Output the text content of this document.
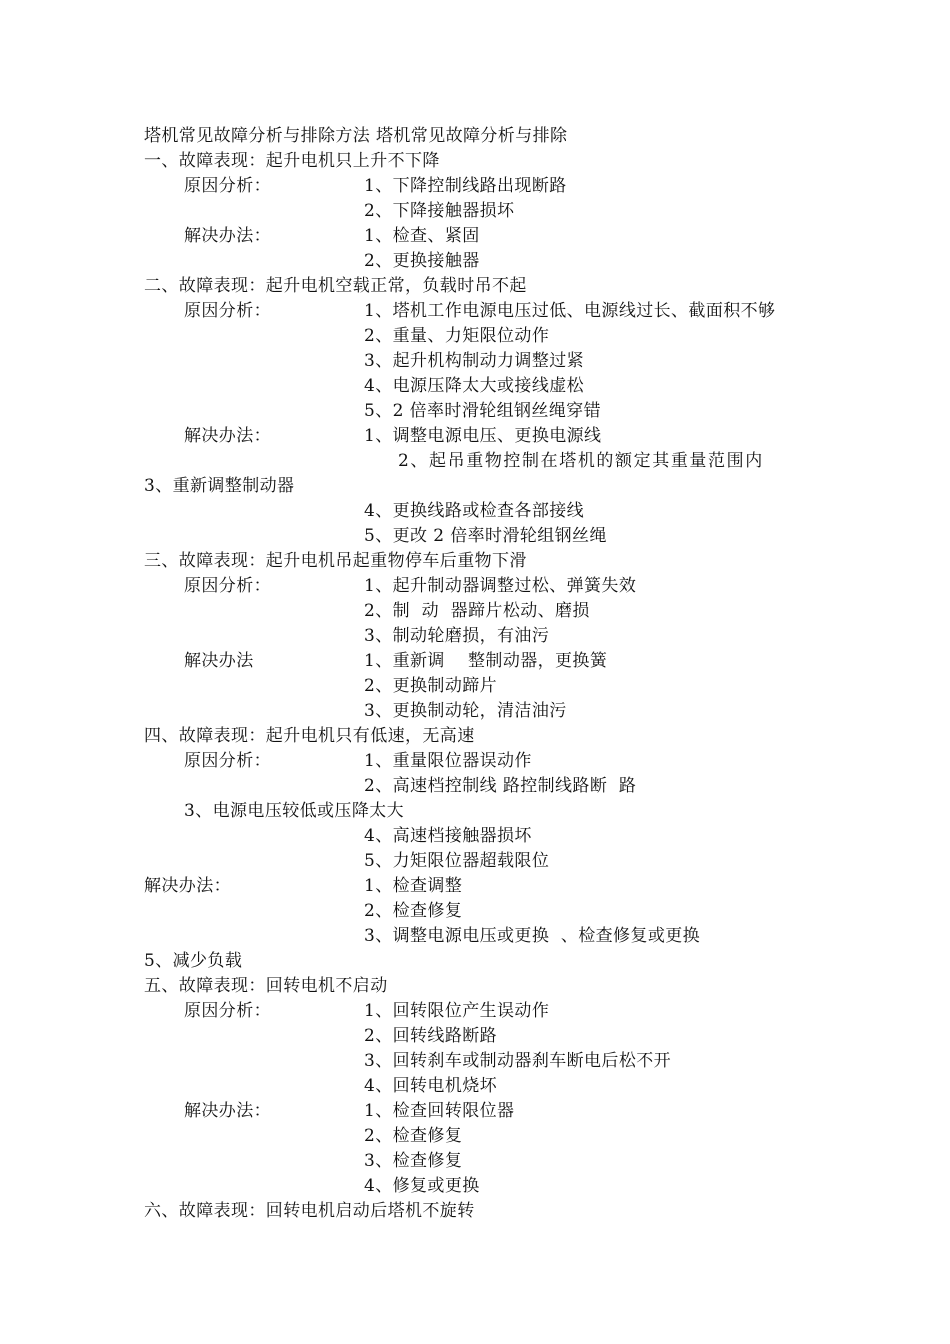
塔机常见故障分析与排除方法 塔机常见故障分析与排除
一、故障表现：起升电机只上升不下降
原因分析：	1、下降控制线路出现断路
2、下降接触器损坏
解决办法：	1、检查、紧固
2、更换接触器
二、故障表现：起升电机空载正常，负载时吊不起
原因分析：	1、塔机工作电源电压过低、电源线过长、截面积不够
2、重量、力矩限位动作
3、起升机构制动力调整过紧
4、电源压降太大或接线虚松
5、2 倍率时滑轮组钢丝绳穿错
解决办法：	1、调整电源电压、更换电源线
2、起吊重物控制在塔机的额定其重量范围内
3、重新调整制动器
4、更换线路或检查各部接线
5、更改 2 倍率时滑轮组钢丝绳
三、故障表现：起升电机吊起重物停车后重物下滑
原因分析：	1、起升制动器调整过松、弹簧失效
2、制  动  器蹄片松动、磨损
3、制动轮磨损，有油污
解决办法	1、重新调    整制动器，更换簧
2、更换制动蹄片
3、更换制动轮，清洁油污
四、故障表现：起升电机只有低速，无高速
原因分析：	1、重量限位器误动作
2、高速档控制线 路控制线路断  路
3、电源电压较低或压降太大
4、高速档接触器损坏
5、力矩限位器超载限位
解决办法：	1、检查调整
2、检查修复
3、调整电源电压或更换  、检查修复或更换
5、减少负载
五、故障表现：回转电机不启动
原因分析：	1、回转限位产生误动作
2、回转线路断路
3、回转刹车或制动器刹车断电后松不开
4、回转电机烧坏
解决办法：	1、检查回转限位器
2、检查修复
3、检查修复
4、修复或更换
六、故障表现：回转电机启动后塔机不旋转
